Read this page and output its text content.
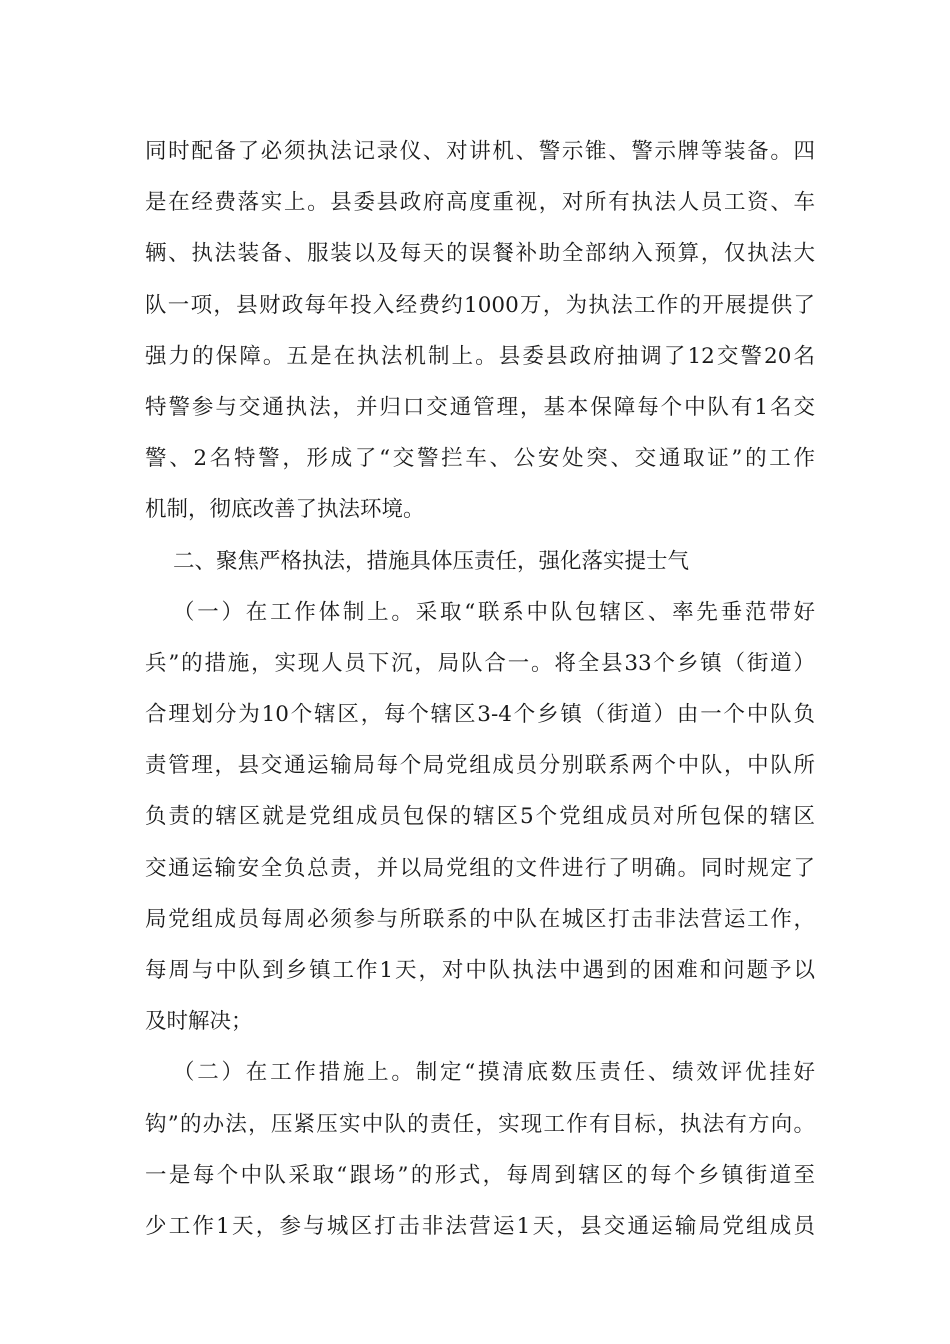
同时配备了必须执法记录仪、对讲机、警示锥、警示牌等装备。四
是在经费落实上。县委县政府高度重视，对所有执法人员工资、车
辆、执法装备、服装以及每天的误餐补助全部纳入预算，仅执法大
队一项，县财政每年投入经费约1000万，为执法工作的开展提供了
强力的保障。五是在执法机制上。县委县政府抽调了12交警20名
特警参与交通执法，并归口交通管理，基本保障每个中队有1名交
警、2名特警，形成了“交警拦车、公安处突、交通取证”的工作
机制，彻底改善了执法环境。
二、聚焦严格执法，措施具体压责任，强化落实提士气
（一）在工作体制上。采取“联系中队包辖区、率先垂范带好
兵”的措施，实现人员下沉，局队合一。将全县33个乡镇（街道）
合理划分为10个辖区，每个辖区3-4个乡镇（街道）由一个中队负
责管理，县交通运输局每个局党组成员分别联系两个中队，中队所
负责的辖区就是党组成员包保的辖区5个党组成员对所包保的辖区
交通运输安全负总责，并以局党组的文件进行了明确。同时规定了
局党组成员每周必须参与所联系的中队在城区打击非法营运工作，
每周与中队到乡镇工作1天，对中队执法中遇到的困难和问题予以
及时解决；
（二）在工作措施上。制定“摸清底数压责任、绩效评优挂好
钩”的办法，压紧压实中队的责任，实现工作有目标，执法有方向。
一是每个中队采取“跟场”的形式，每周到辖区的每个乡镇街道至
少工作1天，参与城区打击非法营运1天，县交通运输局党组成员
